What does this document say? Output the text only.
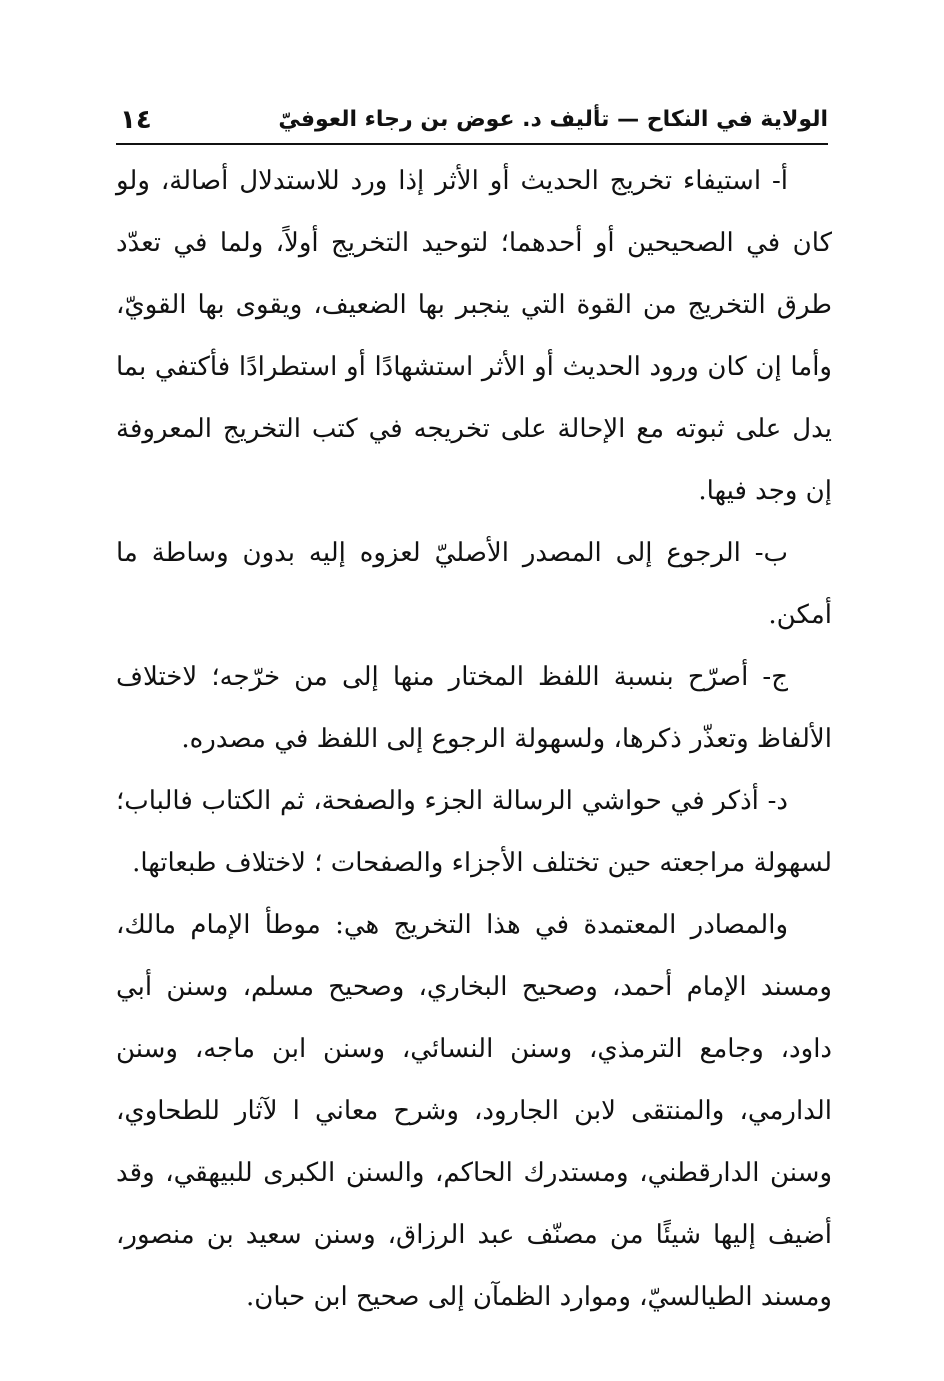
الولاية في النكاح — تأليف د. عوض بن رجاء العوفيّ
١٤

أ- استيفاء تخريج الحديث أو الأثر إذا ورد للاستدلال أصالة، ولو كان في الصحيحين أو أحدهما؛ لتوحيد التخريج أولاً، ولما في تعدّد طرق التخريج من القوة التي ينجبر بها الضعيف، ويقوى بها القويّ، وأما إن كان ورود الحديث أو الأثر استشهادًا أو استطرادًا فأكتفي بما يدل على ثبوته مع الإحالة على تخريجه في كتب التخريج المعروفة إن وجد فيها.

ب- الرجوع إلى المصدر الأصليّ لعزوه إليه بدون وساطة ما أمكن.

ج- أصرّح بنسبة اللفظ المختار منها إلى من خرّجه؛ لاختلاف الألفاظ وتعذّر ذكرها، ولسهولة الرجوع إلى اللفظ في مصدره.

د- أذكر في حواشي الرسالة الجزء والصفحة، ثم الكتاب فالباب؛ لسهولة مراجعته حين تختلف الأجزاء والصفحات ؛ لاختلاف طبعاتها.

والمصادر المعتمدة في هذا التخريج هي: موطأ الإمام مالك، ومسند الإمام أحمد، وصحيح البخاري، وصحيح مسلم، وسنن أبي داود، وجامع الترمذي، وسنن النسائي، وسنن ابن ماجه، وسنن الدارمي، والمنتقى لابن الجارود، وشرح معاني ا لآثار للطحاوي، وسنن الدارقطني، ومستدرك الحاكم، والسنن الكبرى للبيهقي، وقد أضيف إليها شيئًا من مصنّف عبد الرزاق، وسنن سعيد بن منصور، ومسند الطيالسيّ، وموارد الظمآن إلى صحيح ابن حبان.
